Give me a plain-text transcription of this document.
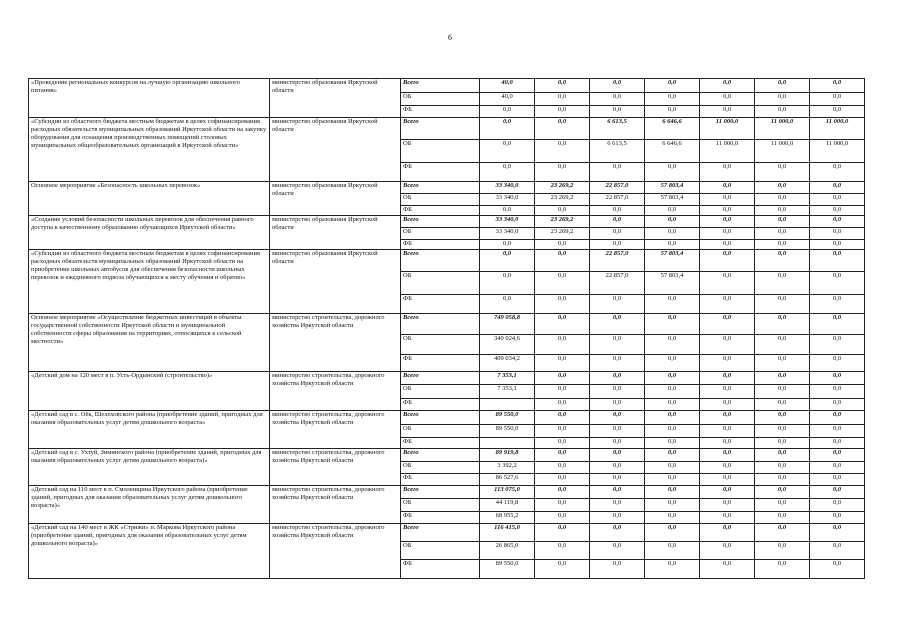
6
«Проведение региональных конкурсов на лучшую организацию школьного питания»	министерство образования Иркутской области	Всего	40,0	0,0	0,0	0,0	0,0	0,0	0,0
		ОБ	40,0	0,0	0,0	0,0	0,0	0,0	0,0
		ФБ	0,0	0,0	0,0	0,0	0,0	0,0	0,0
«Субсидии из областного бюджета местным бюджетам в целях софинансирования расходных обязательств муниципальных образований Иркутской области на закупку оборудования для оснащения производственных помещений столовых муниципальных общеобразовательных организаций в Иркутской области»	министерство образования Иркутской области	Всего	0,0	0,0	6 613,5	6 646,6	11 000,0	11 000,0	11 000,0
		ОБ	0,0	0,0	6 613,5	6 646,6	11 000,0	11 000,0	11 000,0
		ФБ	0,0	0,0	0,0	0,0	0,0	0,0	0,0
Основное мероприятие «Безопасность школьных перевозок»	министерство образования Иркутской области	Всего	33 340,0	23 269,2	22 857,0	57 803,4	0,0	0,0	0,0
		ОБ	33 340,0	23 269,2	22 857,0	57 803,4	0,0	0,0	0,0
		ФБ	0,0	0,0	0,0	0,0	0,0	0,0	0,0
«Создание условий безопасности школьных перевозок для обеспечения равного доступа к качественному образованию обучающихся Иркутской области»	министерство образования Иркутской области	Всего	33 340,0	23 269,2	0,0	0,0	0,0	0,0	0,0
		ОБ	33 340,0	23 269,2	0,0	0,0	0,0	0,0	0,0
		ФБ	0,0	0,0	0,0	0,0	0,0	0,0	0,0
«Субсидии из областного бюджета местным бюджетам в целях софинансирования расходных обязательств муниципальных образований Иркутской области на приобретение школьных автобусов для обеспечения безопасности школьных перевозок и ежедневного подвоза обучающихся к месту обучения и обратно»	министерство образования Иркутской области	Всего	0,0	0,0	22 857,0	57 803,4	0,0	0,0	0,0
		ОБ	0,0	0,0	22 857,0	57 803,4	0,0	0,0	0,0
		ФБ	0,0	0,0	0,0	0,0	0,0	0,0	0,0
Основное мероприятие «Осуществление бюджетных инвестиций в объекты государственной собственности Иркутской области и муниципальной собственности сферы образования на территориях, относящихся к сельской местности»	министерство строительства, дорожного хозяйства Иркутской области	Всего	749 058,8	0,0	0,0	0,0	0,0	0,0	0,0
		ОБ	340 024,6	0,0	0,0	0,0	0,0	0,0	0,0
		ФБ	409 034,2	0,0	0,0	0,0	0,0	0,0	0,0
«Детский дом на 120 мест в п. Усть-Ордынский (строительство)»	министерство строительства, дорожного хозяйства Иркутской области	Всего	7 353,1	0,0	0,0	0,0	0,0	0,0	0,0
		ОБ	7 353,1	0,0	0,0	0,0	0,0	0,0	0,0
		ФБ		0,0	0,0	0,0	0,0	0,0	0,0
«Детский сад в с. Оёк, Шелеховского района (приобретение зданий, пригодных для оказания образовательных услуг детям дошкольного возраста»	министерство строительства, дорожного хозяйства Иркутской области	Всего	89 550,0	0,0	0,0	0,0	0,0	0,0	0,0
		ОБ	89 550,0	0,0	0,0	0,0	0,0	0,0	0,0
		ФБ		0,0	0,0	0,0	0,0	0,0	0,0
«Детский сад в с. Ухтуй, Зиминского района (приобретение зданий, пригодных для оказания образовательных услуг детям дошкольного возраста)»	министерство строительства, дорожного хозяйства Иркутской области	Всего	89 919,8	0,0	0,0	0,0	0,0	0,0	0,0
		ОБ	3 392,2	0,0	0,0	0,0	0,0	0,0	0,0
		ФБ	86 527,6	0,0	0,0	0,0	0,0	0,0	0,0
«Детский сад на 110 мест в п. Смоленщина Иркутского района (приобретение зданий, пригодных для оказания образовательных услуг детям дошкольного возраста)»	министерство строительства, дорожного хозяйства Иркутской области	Всего	113 075,0	0,0	0,0	0,0	0,0	0,0	0,0
		ОБ	44 119,8	0,0	0,0	0,0	0,0	0,0	0,0
		ФБ	68 955,2	0,0	0,0	0,0	0,0	0,0	0,0
«Детский сад на 140 мест в ЖК «Стрижи» п. Маркова Иркутского района (приобретение зданий, пригодных для оказания образовательных услуг детям дошкольного возраста)»	министерство строительства, дорожного хозяйства Иркутской области	Всего	116 415,0	0,0	0,0	0,0	0,0	0,0	0,0
		ОБ	26 865,0	0,0	0,0	0,0	0,0	0,0	0,0
		ФБ	89 550,0	0,0	0,0	0,0	0,0	0,0	0,0
